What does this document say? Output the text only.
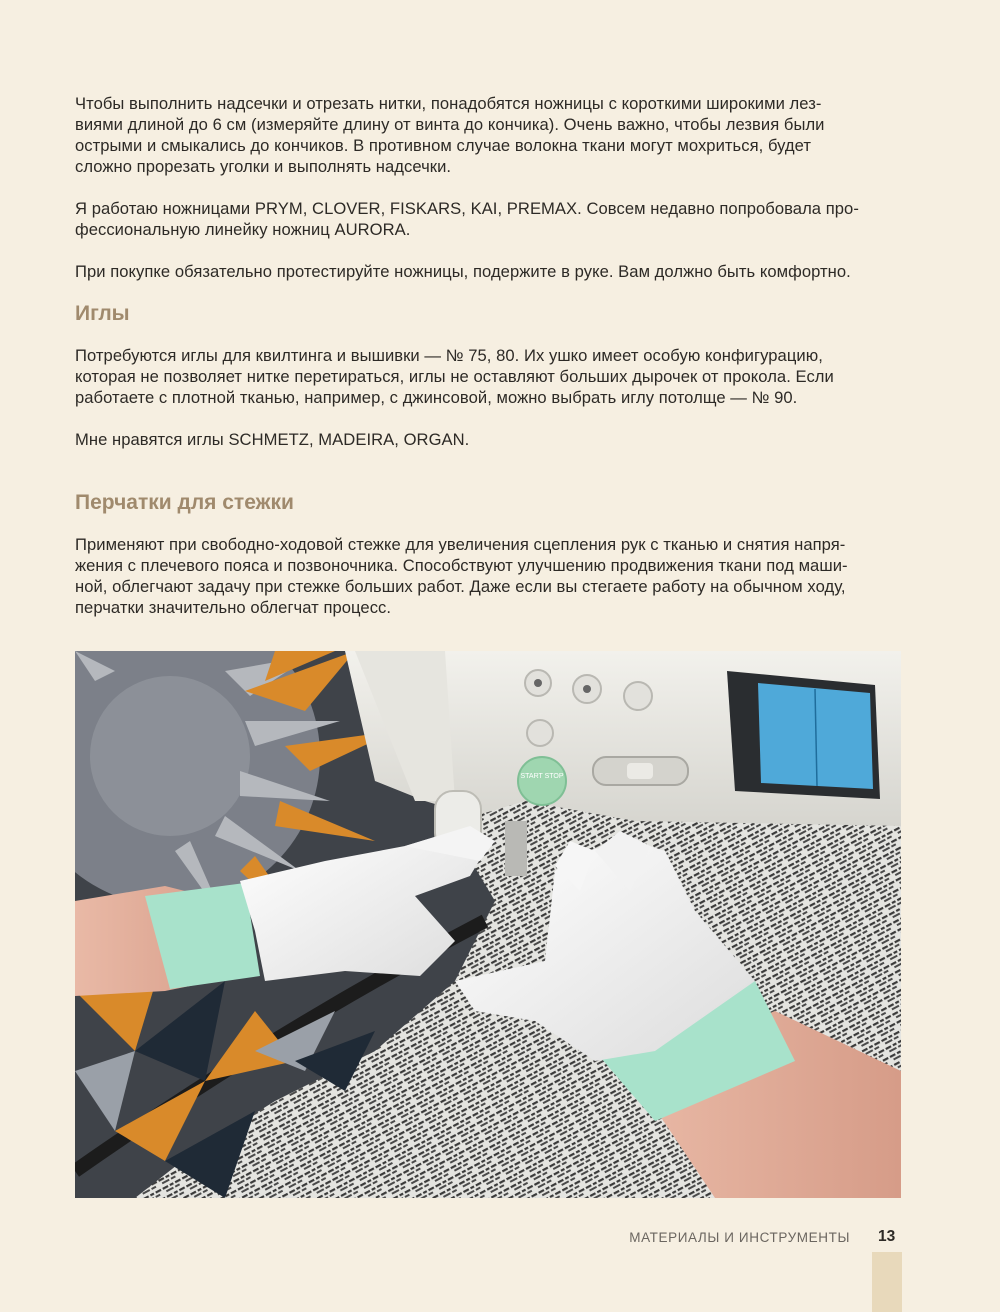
Чтобы выполнить надсечки и отрезать нитки, понадобятся ножницы с короткими широкими лез-
виями длиной до 6 см (измеряйте длину от винта до кончика). Очень важно, чтобы лезвия были
острыми и смыкались до кончиков. В противном случае волокна ткани могут мохриться, будет
сложно прорезать уголки и выполнять надсечки.

Я работаю ножницами PRYM, CLOVER, FISKARS, KAI, PREMAX. Совсем недавно попробовала про-
фессиональную линейку ножниц AURORA.

При покупке обязательно протестируйте ножницы, подержите в руке. Вам должно быть комфортно.

Иглы

Потребуются иглы для квилтинга и вышивки — № 75, 80. Их ушко имеет особую конфигурацию,
которая не позволяет нитке перетираться, иглы не оставляют больших дырочек от прокола. Если
работаете с плотной тканью, например, с джинсовой, можно выбрать иглу потолще — № 90.

Мне нравятся иглы SCHMETZ, MADEIRA, ORGAN.

Перчатки для стежки

Применяют при свободно-ходовой стежке для увеличения сцепления рук с тканью и снятия напря-
жения с плечевого пояса и позвоночника. Способствуют улучшению продвижения ткани под маши-
ной, облегчают задачу при стежке больших работ. Даже если вы стегаете работу на обычном ходу,
перчатки значительно облегчат процесс.

START STOP
МАТЕРИАЛЫ И ИНСТРУМЕНТЫ 13
